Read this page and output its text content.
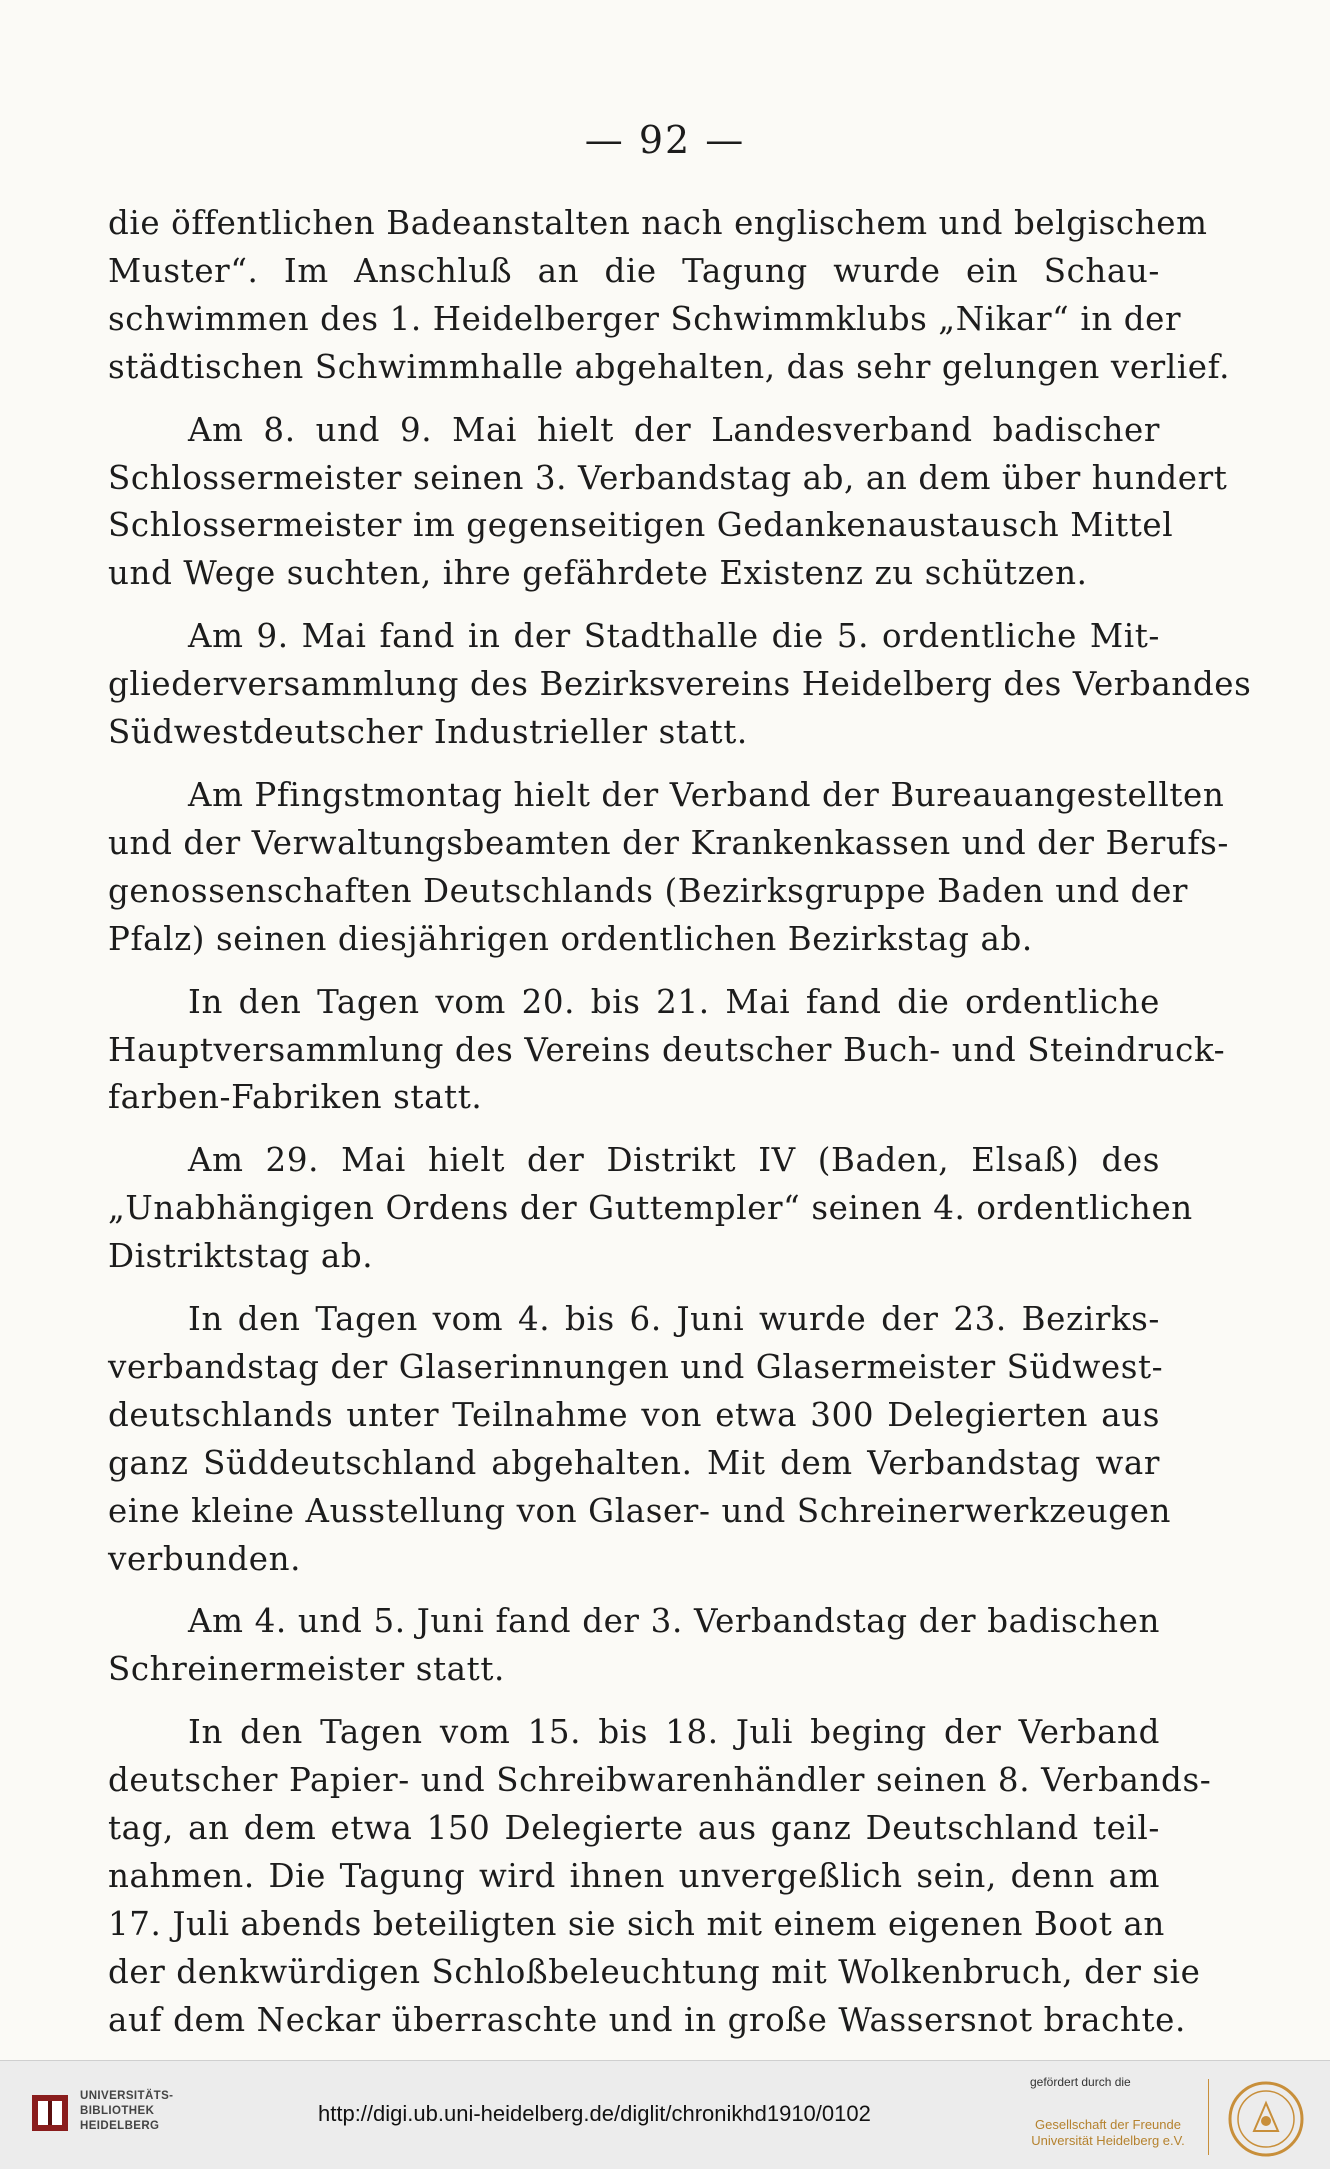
— 92 —

die öffentlichen Badeanstalten nach englischem und belgischem
Muster“. Im Anschluß an die Tagung wurde ein Schau-
schwimmen des 1. Heidelberger Schwimmklubs „Nikar“ in der
städtischen Schwimmhalle abgehalten, das sehr gelungen verlief.

Am 8. und 9. Mai hielt der Landesverband badischer
Schlossermeister seinen 3. Verbandstag ab, an dem über hundert
Schlossermeister im gegenseitigen Gedankenaustausch Mittel
und Wege suchten, ihre gefährdete Existenz zu schützen.

Am 9. Mai fand in der Stadthalle die 5. ordentliche Mit-
gliederversammlung des Bezirksvereins Heidelberg des Verbandes
Südwestdeutscher Industrieller statt.

Am Pfingstmontag hielt der Verband der Bureauangestellten
und der Verwaltungsbeamten der Krankenkassen und der Berufs-
genossenschaften Deutschlands (Bezirksgruppe Baden und der
Pfalz) seinen diesjährigen ordentlichen Bezirkstag ab.

In den Tagen vom 20. bis 21. Mai fand die ordentliche
Hauptversammlung des Vereins deutscher Buch- und Steindruck-
farben-Fabriken statt.

Am 29. Mai hielt der Distrikt IV (Baden, Elsaß) des
„Unabhängigen Ordens der Guttempler“ seinen 4. ordentlichen
Distriktstag ab.

In den Tagen vom 4. bis 6. Juni wurde der 23. Bezirks-
verbandstag der Glaserinnungen und Glasermeister Südwest-
deutschlands unter Teilnahme von etwa 300 Delegierten aus
ganz Süddeutschland abgehalten. Mit dem Verbandstag war
eine kleine Ausstellung von Glaser- und Schreinerwerkzeugen
verbunden.

Am 4. und 5. Juni fand der 3. Verbandstag der badischen
Schreinermeister statt.

In den Tagen vom 15. bis 18. Juli beging der Verband
deutscher Papier- und Schreibwarenhändler seinen 8. Verbands-
tag, an dem etwa 150 Delegierte aus ganz Deutschland teil-
nahmen. Die Tagung wird ihnen unvergeßlich sein, denn am
17. Juli abends beteiligten sie sich mit einem eigenen Boot an
der denkwürdigen Schloßbeleuchtung mit Wolkenbruch, der sie
auf dem Neckar überraschte und in große Wassersnot brachte.

UNIVERSITÄTS-
BIBLIOTHEK
HEIDELBERG	http://digi.ub.uni-heidelberg.de/diglit/chronikhd1910/0102
gefördert durch die
Gesellschaft der Freunde
Universität Heidelberg e.V.
